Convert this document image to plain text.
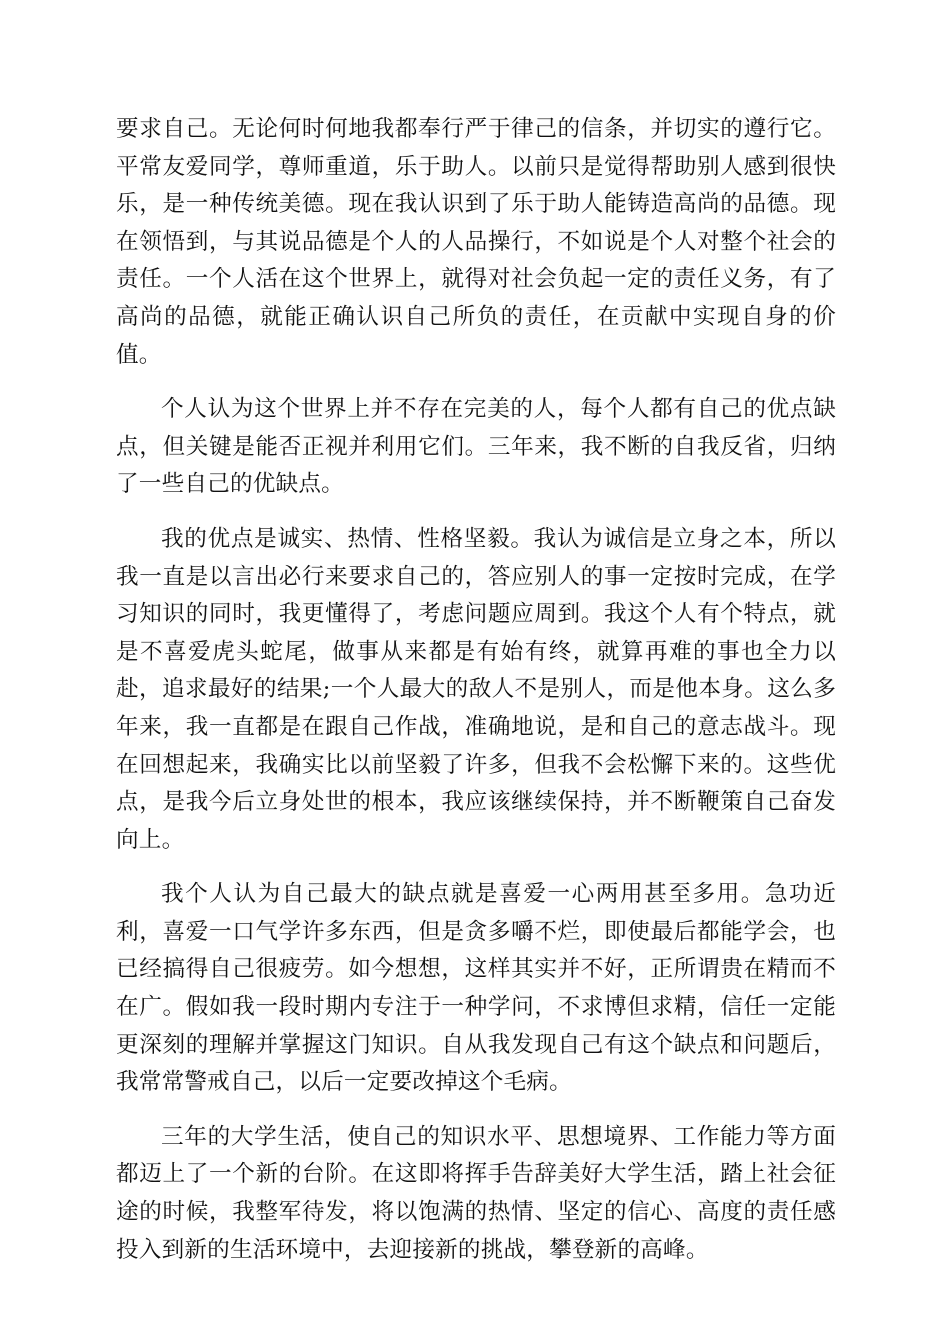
要求自己。无论何时何地我都奉行严于律己的信条，并切实的遵行它。平常友爱同学，尊师重道，乐于助人。以前只是觉得帮助别人感到很快乐，是一种传统美德。现在我认识到了乐于助人能铸造高尚的品德。现在领悟到，与其说品德是个人的人品操行，不如说是个人对整个社会的责任。一个人活在这个世界上，就得对社会负起一定的责任义务，有了高尚的品德，就能正确认识自己所负的责任，在贡献中实现自身的价值。

个人认为这个世界上并不存在完美的人，每个人都有自己的优点缺点，但关键是能否正视并利用它们。三年来，我不断的自我反省，归纳了一些自己的优缺点。

我的优点是诚实、热情、性格坚毅。我认为诚信是立身之本，所以我一直是以言出必行来要求自己的，答应别人的事一定按时完成，在学习知识的同时，我更懂得了，考虑问题应周到。我这个人有个特点，就是不喜爱虎头蛇尾，做事从来都是有始有终，就算再难的事也全力以赴，追求最好的结果;一个人最大的敌人不是别人，而是他本身。这么多年来，我一直都是在跟自己作战，准确地说，是和自己的意志战斗。现在回想起来，我确实比以前坚毅了许多，但我不会松懈下来的。这些优点，是我今后立身处世的根本，我应该继续保持，并不断鞭策自己奋发向上。

我个人认为自己最大的缺点就是喜爱一心两用甚至多用。急功近利，喜爱一口气学许多东西，但是贪多嚼不烂，即使最后都能学会，也已经搞得自己很疲劳。如今想想，这样其实并不好，正所谓贵在精而不在广。假如我一段时期内专注于一种学问，不求博但求精，信任一定能更深刻的理解并掌握这门知识。自从我发现自己有这个缺点和问题后，我常常警戒自己，以后一定要改掉这个毛病。

三年的大学生活，使自己的知识水平、思想境界、工作能力等方面都迈上了一个新的台阶。在这即将挥手告辞美好大学生活，踏上社会征途的时候，我整军待发，将以饱满的热情、坚定的信心、高度的责任感投入到新的生活环境中，去迎接新的挑战，攀登新的高峰。
